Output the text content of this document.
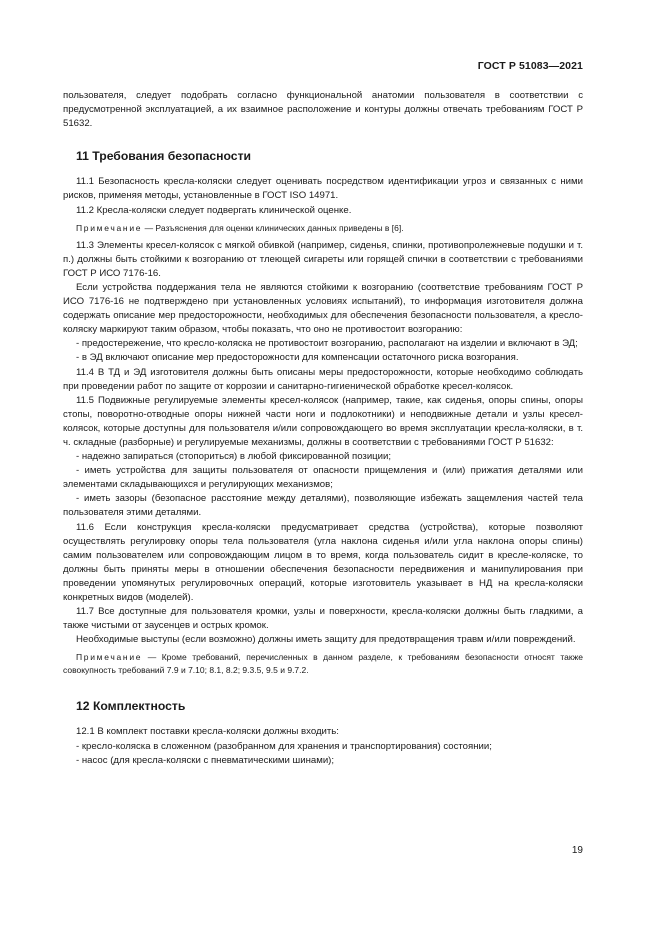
ГОСТ Р 51083—2021

пользователя, следует подобрать согласно функциональной анатомии пользователя в соответствии с предусмотренной эксплуатацией, а их взаимное расположение и контуры должны отвечать требованиям ГОСТ Р 51632.

11 Требования безопасности

11.1 Безопасность кресла-коляски следует оценивать посредством идентификации угроз и связанных с ними рисков, применяя методы, установленные в ГОСТ ISO 14971.

11.2 Кресла-коляски следует подвергать клинической оценке.

Примечание — Разъяснения для оценки клинических данных приведены в [6].

11.3 Элементы кресел-колясок с мягкой обивкой (например, сиденья, спинки, противопролежневые подушки и т. п.) должны быть стойкими к возгоранию от тлеющей сигареты или горящей спички в соответствии с требованиями ГОСТ Р ИСО 7176-16.

Если устройства поддержания тела не являются стойкими к возгоранию (соответствие требованиям ГОСТ Р ИСО 7176-16 не подтверждено при установленных условиях испытаний), то информация изготовителя должна содержать описание мер предосторожности, необходимых для обеспечения безопасности пользователя, а кресло-коляску маркируют таким образом, чтобы показать, что оно не противостоит возгоранию:

- предостережение, что кресло-коляска не противостоит возгоранию, располагают на изделии и включают в ЭД;

- в ЭД включают описание мер предосторожности для компенсации остаточного риска возгорания.

11.4 В ТД и ЭД изготовителя должны быть описаны меры предосторожности, которые необходимо соблюдать при проведении работ по защите от коррозии и санитарно-гигиенической обработке кресел-колясок.

11.5 Подвижные регулируемые элементы кресел-колясок (например, такие, как сиденья, опоры спины, опоры стопы, поворотно-отводные опоры нижней части ноги и подлокотники) и неподвижные детали и узлы кресел-колясок, которые доступны для пользователя и/или сопровождающего во время эксплуатации кресла-коляски, в т. ч. складные (разборные) и регулируемые механизмы, должны в соответствии с требованиями ГОСТ Р 51632:

- надежно запираться (стопориться) в любой фиксированной позиции;

- иметь устройства для защиты пользователя от опасности прищемления и (или) прижатия деталями или элементами складывающихся и регулирующих механизмов;

- иметь зазоры (безопасное расстояние между деталями), позволяющие избежать защемления частей тела пользователя этими деталями.

11.6 Если конструкция кресла-коляски предусматривает средства (устройства), которые позволяют осуществлять регулировку опоры тела пользователя (угла наклона сиденья и/или угла наклона опоры спины) самим пользователем или сопровождающим лицом в то время, когда пользователь сидит в кресле-коляске, то должны быть приняты меры в отношении обеспечения безопасности передвижения и манипулирования при проведении упомянутых регулировочных операций, которые изготовитель указывает в НД на кресла-коляски конкретных видов (моделей).

11.7 Все доступные для пользователя кромки, узлы и поверхности, кресла-коляски должны быть гладкими, а также чистыми от заусенцев и острых кромок.

Необходимые выступы (если возможно) должны иметь защиту для предотвращения травм и/или повреждений.

Примечание — Кроме требований, перечисленных в данном разделе, к требованиям безопасности относят также совокупность требований 7.9 и 7.10; 8.1, 8.2; 9.3.5, 9.5 и 9.7.2.

12 Комплектность

12.1 В комплект поставки кресла-коляски должны входить:

- кресло-коляска в сложенном (разобранном для хранения и транспортирования) состоянии;

- насос (для кресла-коляски с пневматическими шинами);

19
